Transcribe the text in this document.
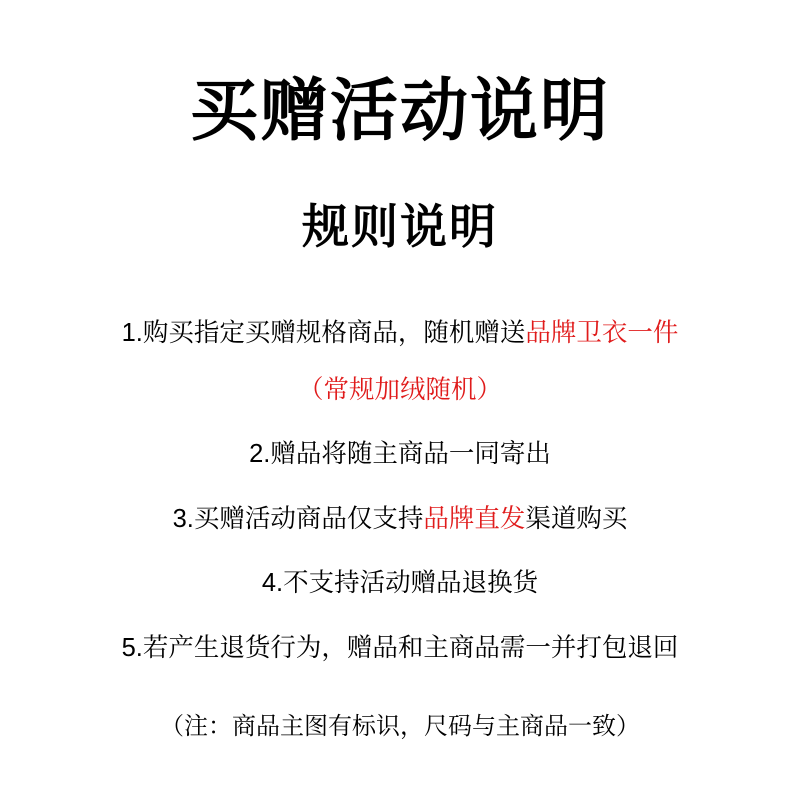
买赠活动说明
规则说明
1.购买指定买赠规格商品，随机赠送品牌卫衣一件
（常规加绒随机）
2.赠品将随主商品一同寄出
3.买赠活动商品仅支持品牌直发渠道购买
4.不支持活动赠品退换货
5.若产生退货行为，赠品和主商品需一并打包退回
（注：商品主图有标识，尺码与主商品一致）
